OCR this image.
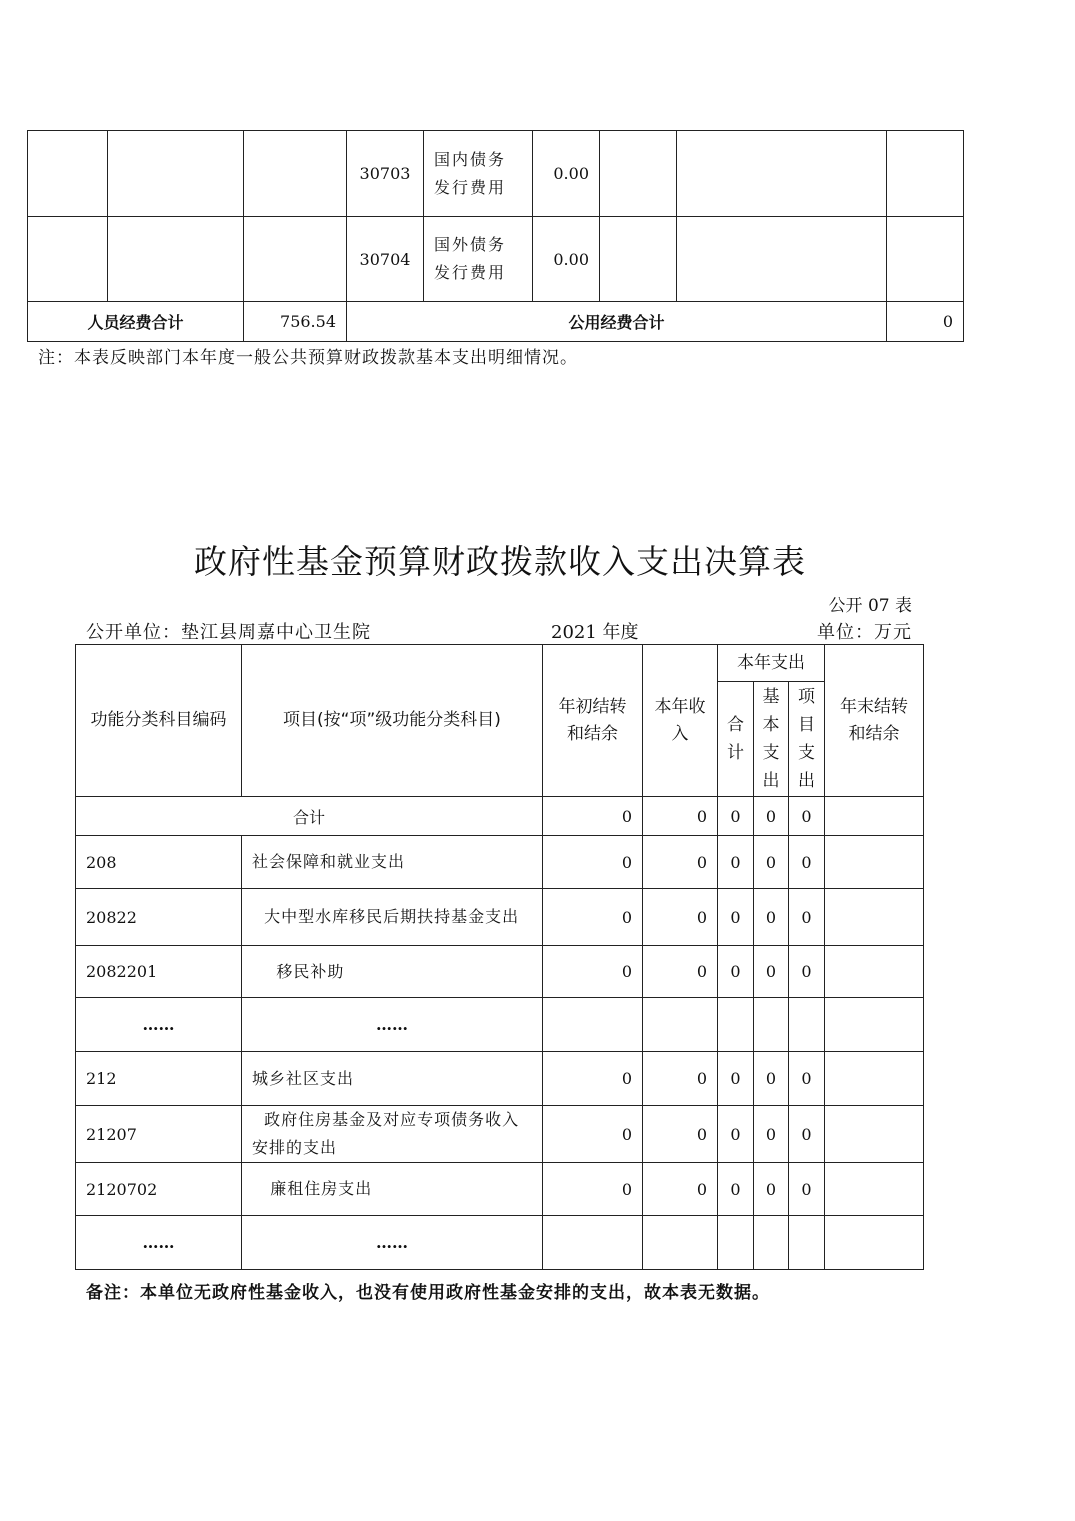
			30703	国内债务发行费用	0.00			
			30704	国外债务发行费用	0.00			
人员经费合计		756.54	公用经费合计					0
注：本表反映部门本年度一般公共预算财政拨款基本支出明细情况。
政府性基金预算财政拨款收入支出决算表
公开 07 表
公开单位：垫江县周嘉中心卫生院	2021 年度	单位：万元
功能分类科目编码	项目(按“项”级功能分类科目)	年初结转和结余	本年收入	本年支出			年末结转和结余

				合计	基本支出	项目支出	

合计		0	0	0	0	0	
208	社会保障和就业支出	0	0	0	0	0	
20822	大中型水库移民后期扶持基金支出	0	0	0	0	0	
2082201	移民补助	0	0	0	0	0	
……	……						
212	城乡社区支出	0	0	0	0	0	
21207	政府住房基金及对应专项债务收入安排的支出	0	0	0	0	0	
2120702	廉租住房支出	0	0	0	0	0	
……	……						
备注：本单位无政府性基金收入，也没有使用政府性基金安排的支出，故本表无数据。
